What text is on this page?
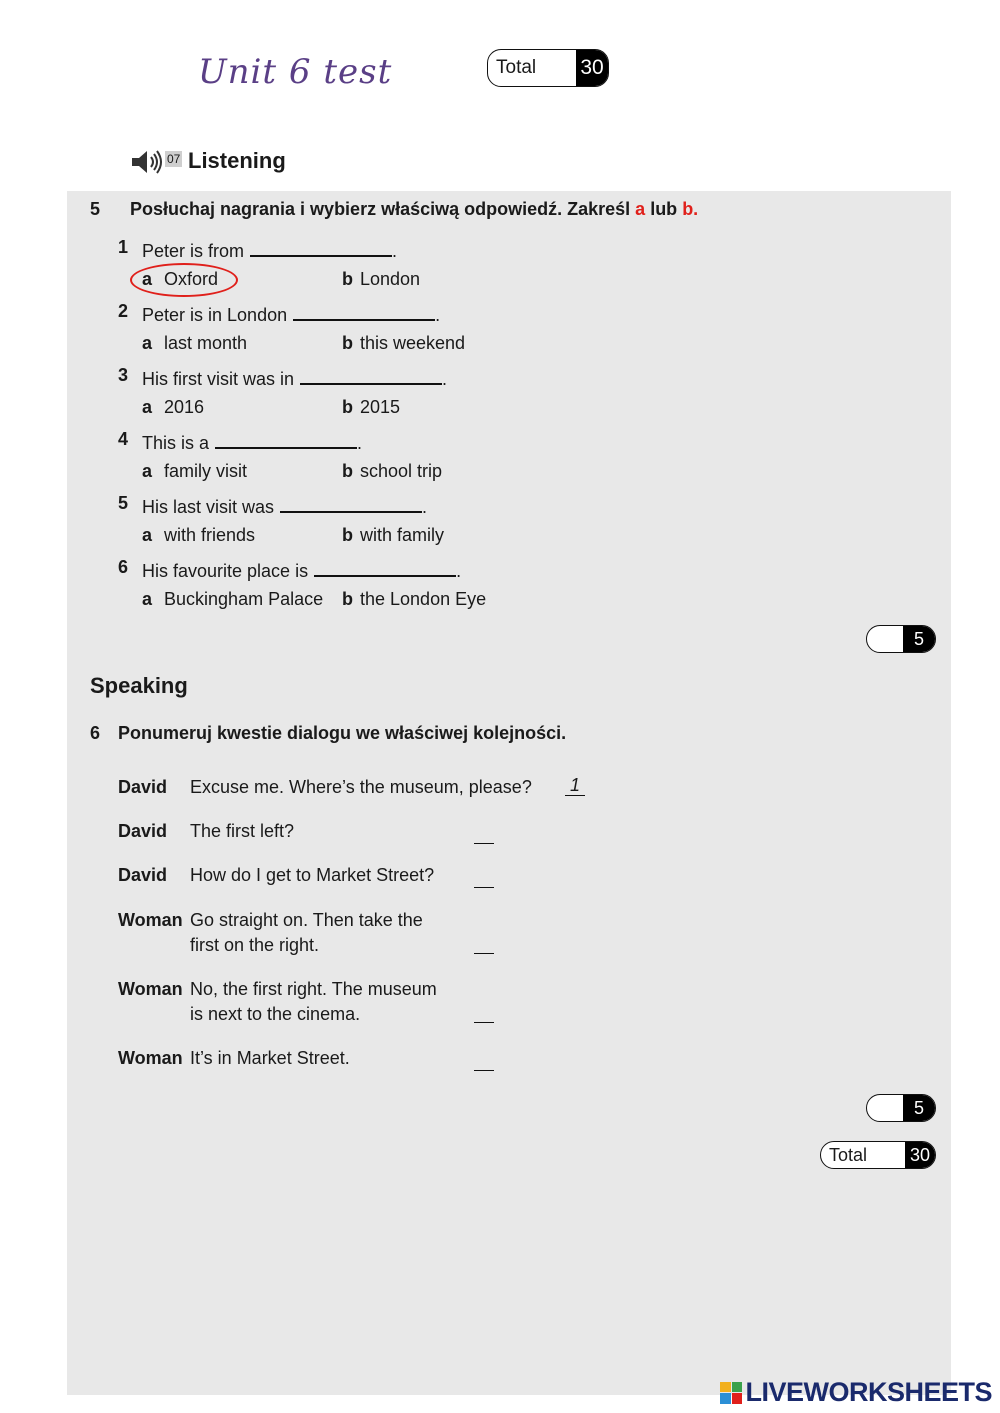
Unit 6 test	Total	30
07 Listening
5 Posłuchaj nagrania i wybierz właściwą odpowiedź. Zakreśl a lub b.
1 Peter is from	.
a Oxford	b London
2 Peter is in London	.
a last month	b this weekend
3 His first visit was in	.
a 2016	b 2015
4 This is a	.
a family visit	b school trip
5 His last visit was	.
a with friends	b with family
6 His favourite place is	.
a Buckingham Palace b the London Eye
5
Speaking
6 Ponumeruj kwestie dialogu we właściwej kolejności.
David Excuse me. Where’s the museum, please? 1
David The first left?
David How do I get to Market Street?
Woman Go straight on. Then take the
first on the right.
Woman No, the first right. The museum
is next to the cinema.
Woman It’s in Market Street.
5
Total	30
LIVEWORKSHEETS
